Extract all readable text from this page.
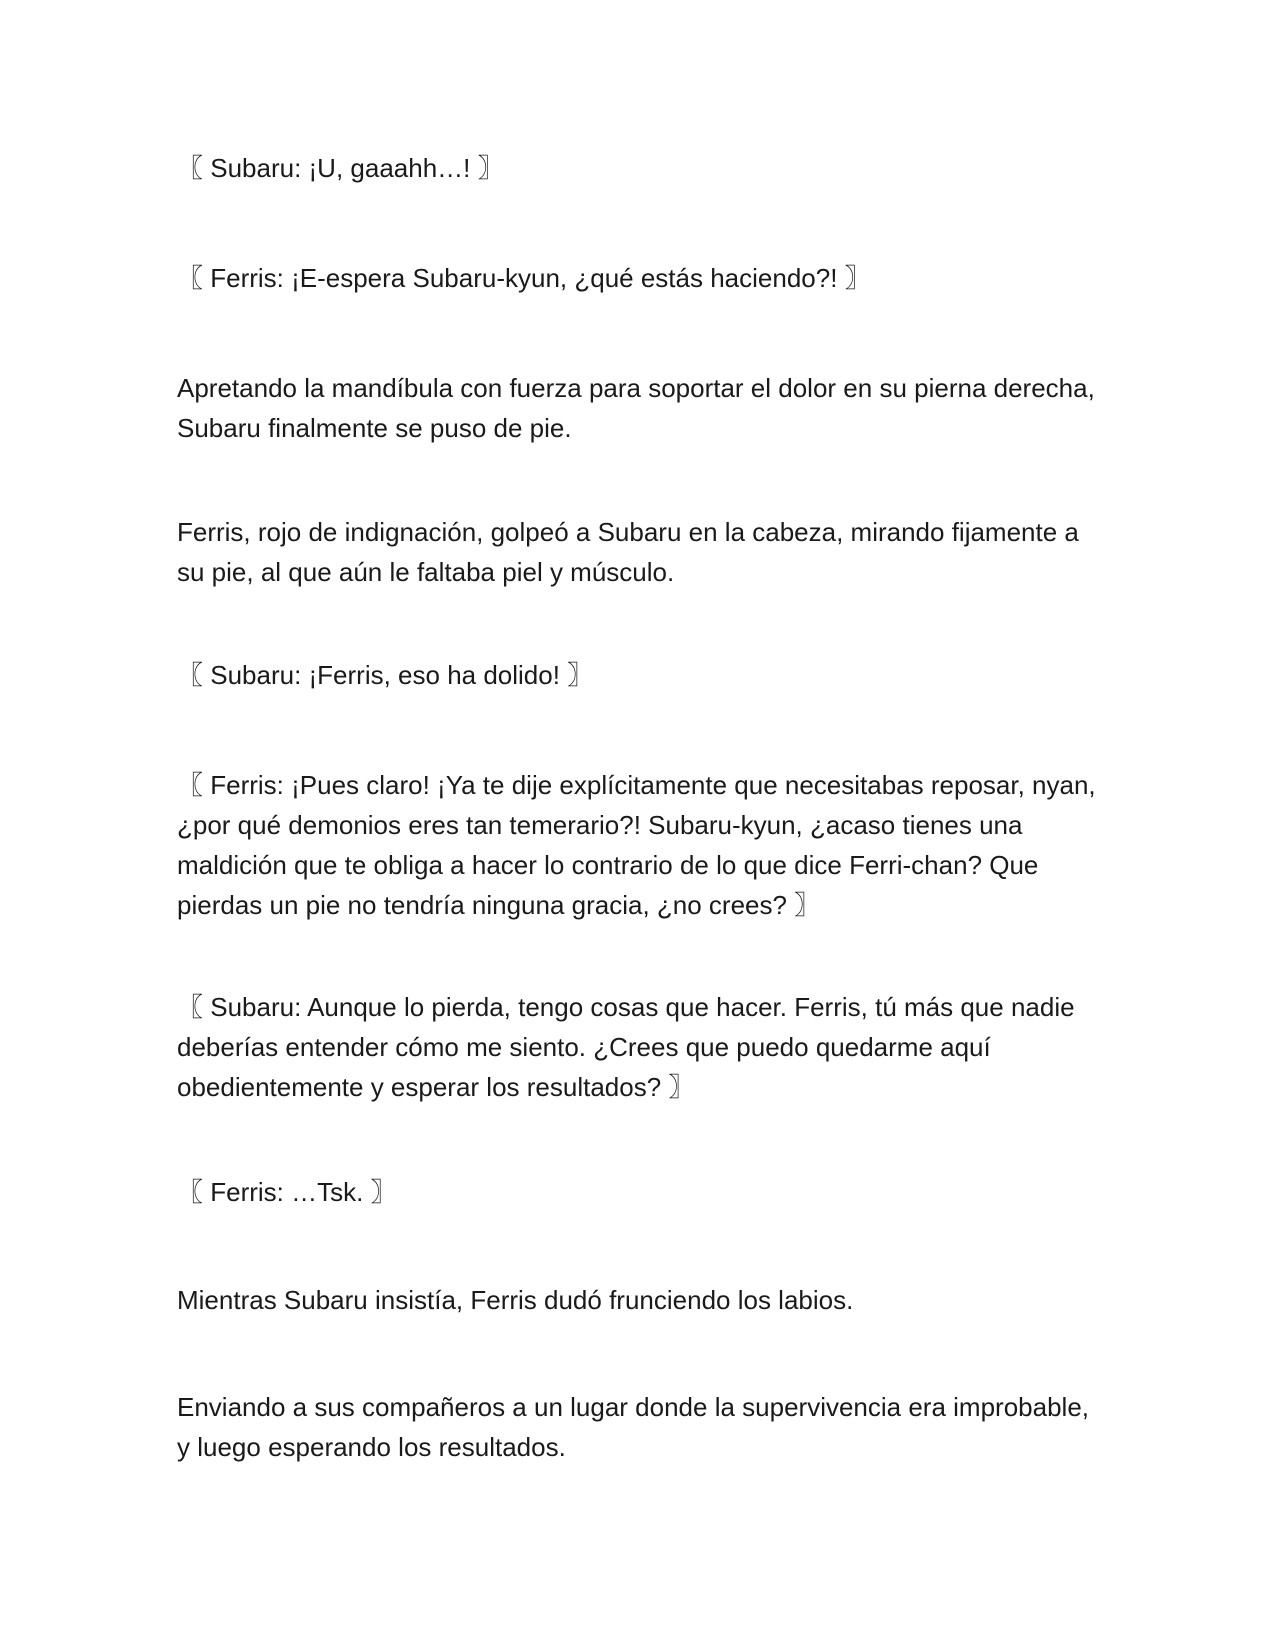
〖 Subaru: ¡U, gaaahh…! 〗

〖 Ferris: ¡E-espera Subaru-kyun, ¿qué estás haciendo?! 〗

Apretando la mandíbula con fuerza para soportar el dolor en su pierna derecha, Subaru finalmente se puso de pie.

Ferris, rojo de indignación, golpeó a Subaru en la cabeza, mirando fijamente a su pie, al que aún le faltaba piel y músculo.

〖 Subaru: ¡Ferris, eso ha dolido! 〗

〖 Ferris: ¡Pues claro! ¡Ya te dije explícitamente que necesitabas reposar, nyan, ¿por qué demonios eres tan temerario?! Subaru-kyun, ¿acaso tienes una maldición que te obliga a hacer lo contrario de lo que dice Ferri-chan? Que pierdas un pie no tendría ninguna gracia, ¿no crees? 〗

〖 Subaru: Aunque lo pierda, tengo cosas que hacer. Ferris, tú más que nadie deberías entender cómo me siento. ¿Crees que puedo quedarme aquí obedientemente y esperar los resultados? 〗

〖 Ferris: …Tsk. 〗

Mientras Subaru insistía, Ferris dudó frunciendo los labios.

Enviando a sus compañeros a un lugar donde la supervivencia era improbable, y luego esperando los resultados.
